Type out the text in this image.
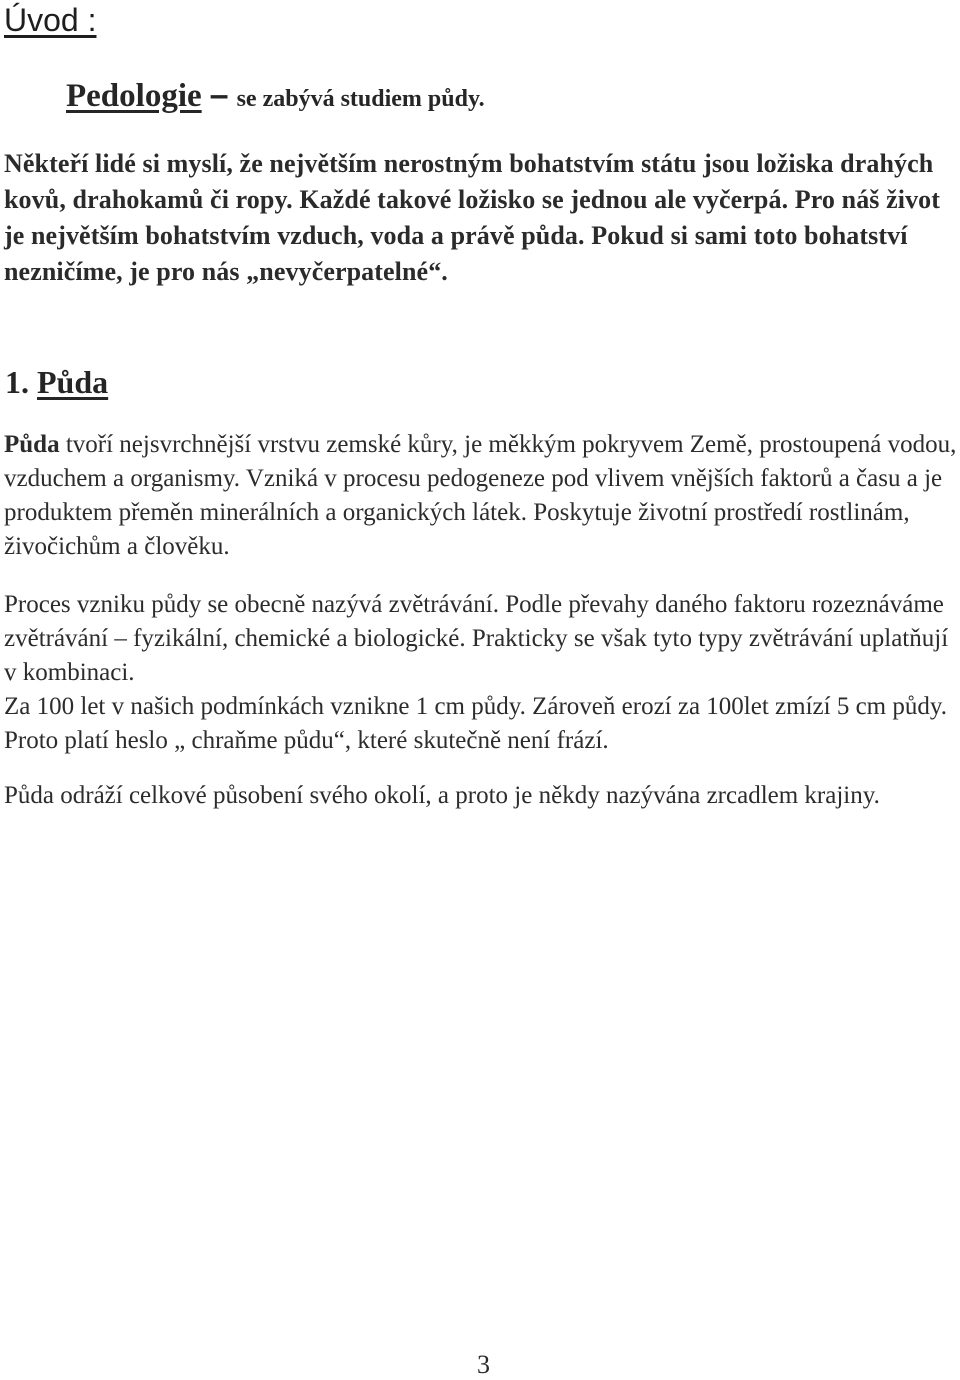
Úvod :
Pedologie – se zabývá studiem půdy.

Někteří lidé si myslí, že největším nerostným bohatstvím státu jsou ložiska drahých kovů, drahokamů či ropy. Každé takové ložisko se jednou ale vyčerpá. Pro náš život je největším bohatstvím vzduch, voda a právě půda. Pokud si sami toto bohatství nezničíme, je pro nás „nevyčerpatelné“.

1. Půda

Půda tvoří nejsvrchnější vrstvu zemské kůry, je měkkým pokryvem Země, prostoupená vodou, vzduchem a organismy. Vzniká v procesu pedogeneze pod vlivem vnějších faktorů a času a je produktem přeměn minerálních a organických látek. Poskytuje životní prostředí rostlinám, živočichům a člověku.

Proces vzniku půdy se obecně nazývá zvětrávání. Podle převahy daného faktoru rozeznáváme zvětrávání – fyzikální, chemické a biologické. Prakticky se však tyto typy zvětrávání uplatňují v kombinaci.

Za 100 let v našich podmínkách vznikne 1 cm půdy. Zároveň erozí za 100let zmízí 5 cm půdy. Proto platí heslo „ chraňme půdu“, které skutečně není frází.

Půda odráží celkové působení svého okolí, a proto je někdy nazývána zrcadlem krajiny.

3
